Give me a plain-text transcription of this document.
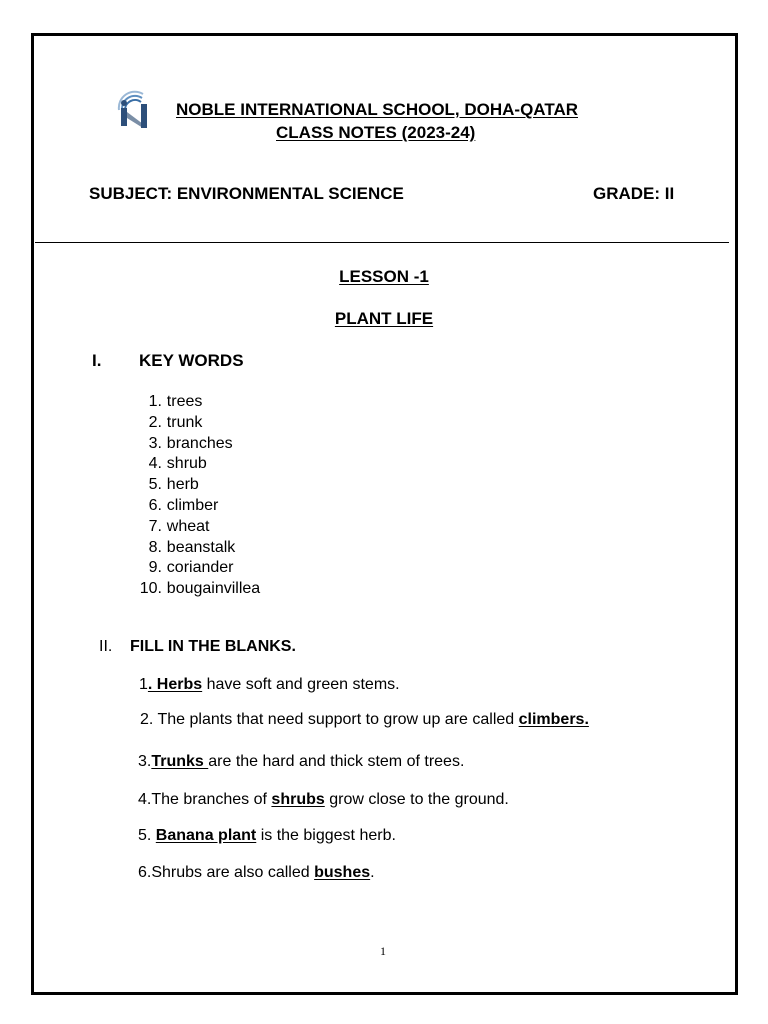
NOBLE INTERNATIONAL SCHOOL, DOHA-QATAR
CLASS NOTES (2023-24)
SUBJECT: ENVIRONMENTAL SCIENCE	GRADE: II
LESSON -1
PLANT LIFE
I. KEY WORDS
1. trees
2. trunk
3. branches
4. shrub
5. herb
6. climber
7. wheat
8. beanstalk
9. coriander
10. bougainvillea
II. FILL IN THE BLANKS.
1. Herbs have soft and green stems.
2. The plants that need support to grow up are called climbers.
3.Trunks are the hard and thick stem of trees.
4.The branches of shrubs grow close to the ground.
5. Banana plant is the biggest herb.
6.Shrubs are also called bushes.
1
